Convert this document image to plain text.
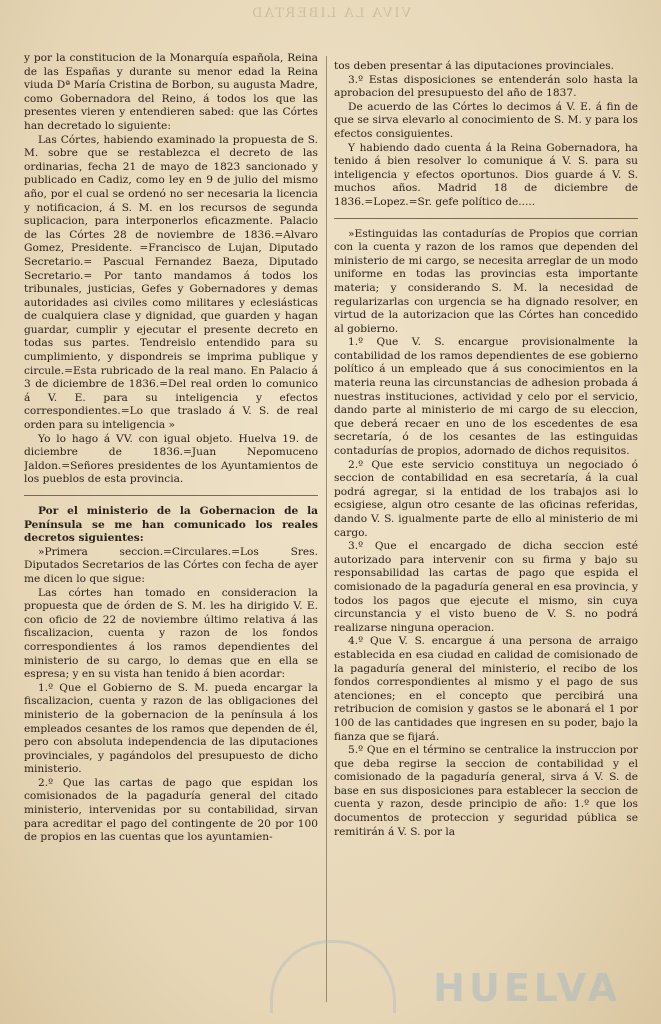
VIVA LA LIBERTAD

y por la constitucion de la Monarquía española, Reina de las Españas y durante su menor edad la Reina viuda Dª María Cristina de Borbon, su augusta Madre, como Gobernadora del Reino, á todos los que las presentes vieren y entendieren sabed: que las Córtes han decretado lo siguiente:

Las Córtes, habiendo examinado la propuesta de S. M. sobre que se restablezca el decreto de las ordinarias, fecha 21 de mayo de 1823 sancionado y publicado en Cadiz, como ley en 9 de julio del mismo año, por el cual se ordenó no ser necesaria la licencia y notificacion, á S. M. en los recursos de segunda suplicacion, para interponerlos eficazmente. Palacio de las Córtes 28 de noviembre de 1836.=Alvaro Gomez, Presidente. =Francisco de Lujan, Diputado Secretario.= Pascual Fernandez Baeza, Diputado Secretario.= Por tanto mandamos á todos los tribunales, justicias, Gefes y Gobernadores y demas autoridades asi civiles como militares y eclesiásticas de cualquiera clase y dignidad, que guarden y hagan guardar, cumplir y ejecutar el presente decreto en todas sus partes. Tendreislo entendido para su cumplimiento, y dispondreis se imprima publique y circule.=Esta rubricado de la real mano. En Palacio á 3 de diciembre de 1836.=Del real orden lo comunico á V. E. para su inteligencia y efectos correspondientes.=Lo que traslado á V. S. de real orden para su inteligencia »

Yo lo hago á VV. con igual objeto. Huelva 19. de diciembre de 1836.=Juan Nepomuceno Jaldon.=Señores presidentes de los Ayuntamientos de los pueblos de esta provincia.

Por el ministerio de la Gobernacion de la Península se me han comunicado los reales decretos siguientes:

»Primera seccion.=Circulares.=Los Sres. Diputados Secretarios de las Córtes con fecha de ayer me dicen lo que sigue:

Las córtes han tomado en consideracion la propuesta que de órden de S. M. les ha dirigido V. E. con oficio de 22 de noviembre último relativa á las fiscalizacion, cuenta y razon de los fondos correspondientes á los ramos dependientes del ministerio de su cargo, lo demas que en ella se espresa; y en su vista han tenido á bien acordar:

1.º Que el Gobierno de S. M. pueda encargar la fiscalizacion, cuenta y razon de las obligaciones del ministerio de la gobernacion de la península á los empleados cesantes de los ramos que dependen de él, pero con absoluta independencia de las diputaciones provinciales, y pagándolos del presupuesto de dicho ministerio.

2.º Que las cartas de pago que espidan los comisionados de la pagaduría general del citado ministerio, intervenidas por su contabilidad, sirvan para acreditar el pago del contingente de 20 por 100 de propios en las cuentas que los ayuntamien-

tos deben presentar á las diputaciones provinciales.

3.º Estas disposiciones se entenderán solo hasta la aprobacion del presupuesto del año de 1837.

De acuerdo de las Córtes lo decimos á V. E. á fin de que se sirva elevarlo al conocimiento de S. M. y para los efectos consiguientes.

Y habiendo dado cuenta á la Reina Gobernadora, ha tenido á bien resolver lo comunique á V. S. para su inteligencia y efectos oportunos. Dios guarde á V. S. muchos años. Madrid 18 de diciembre de 1836.=Lopez.=Sr. gefe político de.....

»Estinguidas las contadurías de Propios que corrian con la cuenta y razon de los ramos que dependen del ministerio de mi cargo, se necesita arreglar de un modo uniforme en todas las provincias esta importante materia; y considerando S. M. la necesidad de regularizarlas con urgencia se ha dignado resolver, en virtud de la autorizacion que las Córtes han concedido al gobierno.

1.º Que V. S. encargue provisionalmente la contabilidad de los ramos dependientes de ese gobierno político á un empleado que á sus conocimientos en la materia reuna las circunstancias de adhesion probada á nuestras instituciones, actividad y celo por el servicio, dando parte al ministerio de mi cargo de su eleccion, que deberá recaer en uno de los escedentes de esa secretaría, ó de los cesantes de las estinguidas contadurías de propios, adornado de dichos requisitos.

2.º Que este servicio constituya un negociado ó seccion de contabilidad en esa secretaría, á la cual podrá agregar, si la entidad de los trabajos asi lo ecsigiese, algun otro cesante de las oficinas referidas, dando V. S. igualmente parte de ello al ministerio de mi cargo.

3.º Que el encargado de dicha seccion esté autorizado para intervenir con su firma y bajo su responsabilidad las cartas de pago que espida el comisionado de la pagaduría general en esa provincia, y todos los pagos que ejecute el mismo, sin cuya circunstancia y el visto bueno de V. S. no podrá realizarse ninguna operacion.

4.º Que V. S. encargue á una persona de arraigo establecida en esa ciudad en calidad de comisionado de la pagaduría general del ministerio, el recibo de los fondos correspondientes al mismo y el pago de sus atenciones; en el concepto que percibirá una retribucion de comision y gastos se le abonará el 1 por 100 de las cantidades que ingresen en su poder, bajo la fianza que se fijará.

5.º Que en el término se centralice la instruccion por que deba regirse la seccion de contabilidad y el comisionado de la pagaduría general, sirva á V. S. de base en sus disposiciones para establecer la seccion de cuenta y razon, desde principio de año: 1.º que los documentos de proteccion y seguridad pública se remitirán á V. S. por la

HUELVA
